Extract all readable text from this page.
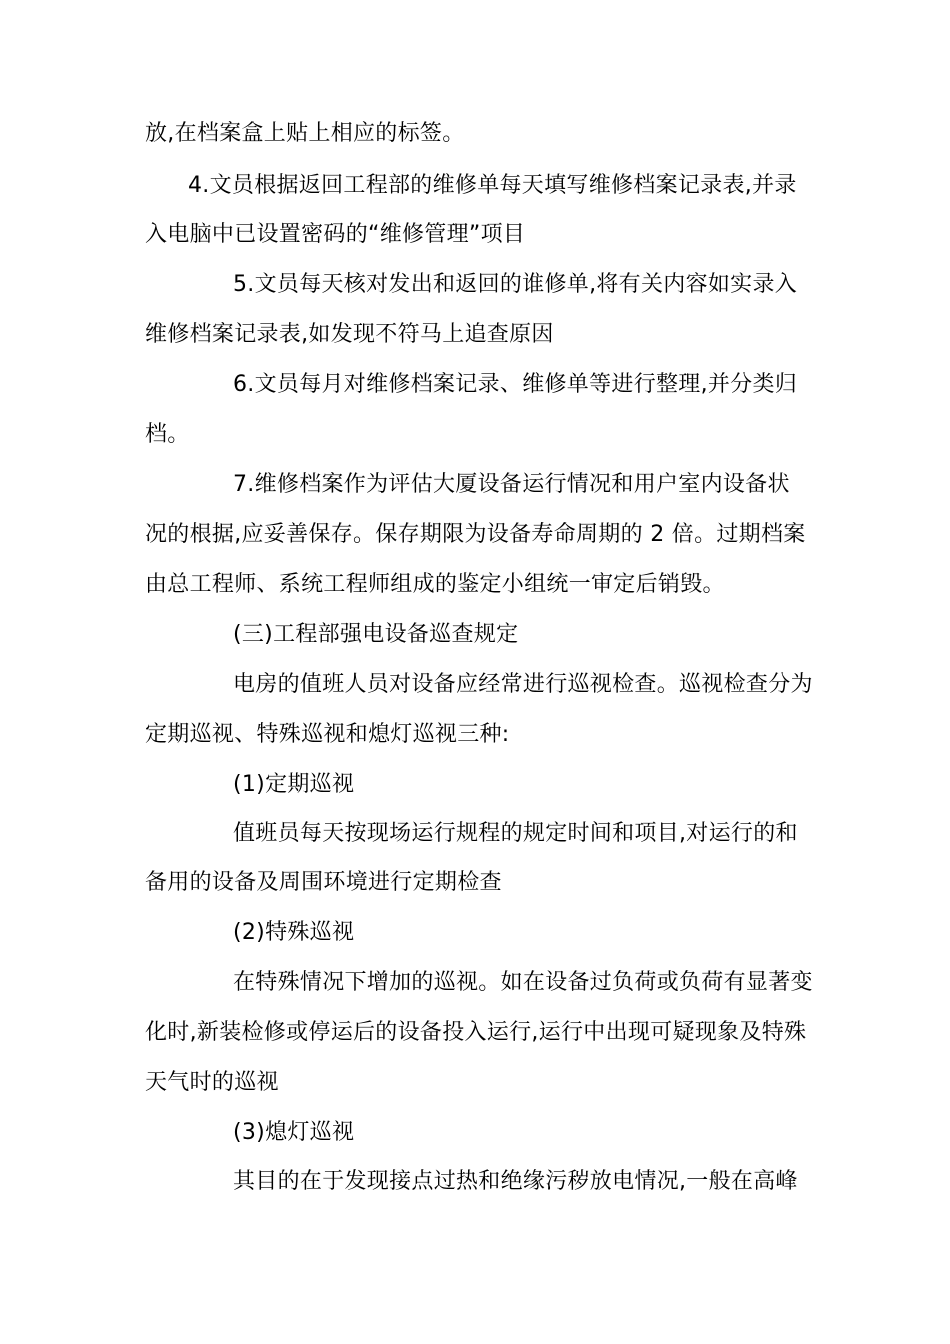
放,在档案盒上贴上相应的标签。
4.文员根据返回工程部的维修单每天填写维修档案记录表,并录
入电脑中已设置密码的“维修管理”项目
5.文员每天核对发出和返回的谁修单,将有关内容如实录入
维修档案记录表,如发现不符马上追查原因
6.文员每月对维修档案记录、维修单等进行整理,并分类归
档。
7.维修档案作为评估大厦设备运行情况和用户室内设备状
况的根据,应妥善保存。保存期限为设备寿命周期的 2 倍。过期档案
由总工程师、系统工程师组成的鉴定小组统一审定后销毁。
(三)工程部强电设备巡查规定
电房的值班人员对设备应经常进行巡视检查。巡视检查分为
定期巡视、特殊巡视和熄灯巡视三种:
(1)定期巡视
值班员每天按现场运行规程的规定时间和项目,对运行的和
备用的设备及周围环境进行定期检查
(2)特殊巡视
在特殊情况下增加的巡视。如在设备过负荷或负荷有显著变
化时,新装检修或停运后的设备投入运行,运行中出现可疑现象及特殊
天气时的巡视
(3)熄灯巡视
其目的在于发现接点过热和绝缘污秽放电情况,一般在高峰
